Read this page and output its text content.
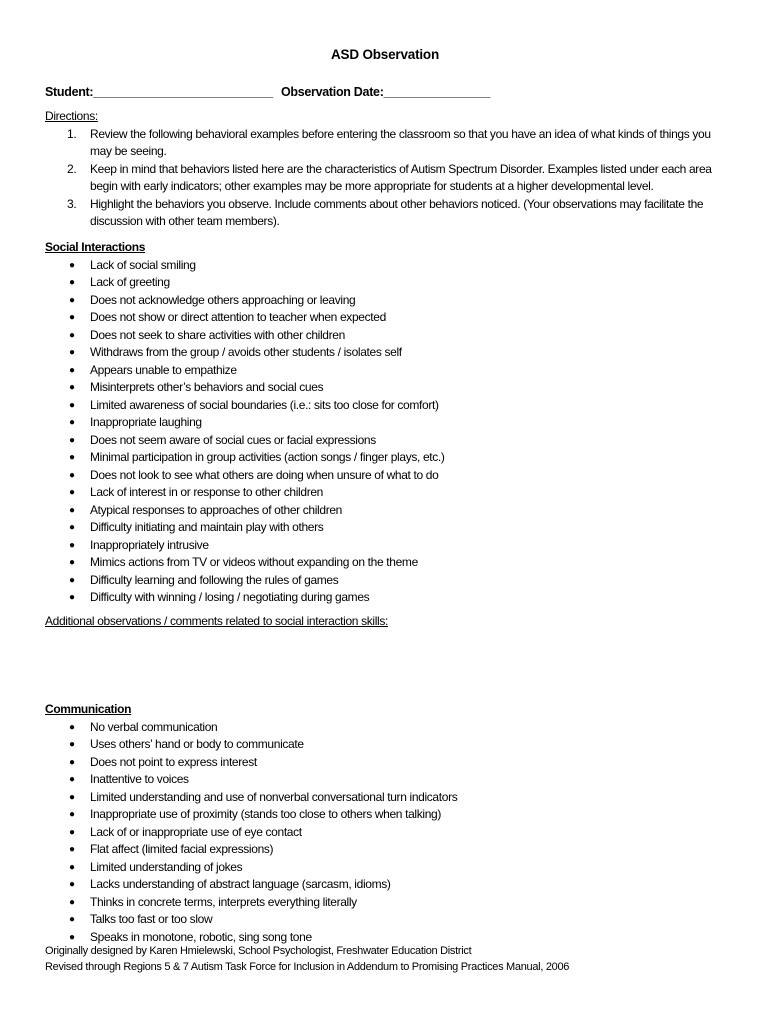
ASD Observation
Student:___________________________ Observation Date:________________
Directions:
1. Review the following behavioral examples before entering the classroom so that you have an idea of what kinds of things you may be seeing.
2. Keep in mind that behaviors listed here are the characteristics of Autism Spectrum Disorder. Examples listed under each area begin with early indicators; other examples may be more appropriate for students at a higher developmental level.
3. Highlight the behaviors you observe. Include comments about other behaviors noticed. (Your observations may facilitate the discussion with other team members).
Social Interactions
● Lack of social smiling
● Lack of greeting
● Does not acknowledge others approaching or leaving
● Does not show or direct attention to teacher when expected
● Does not seek to share activities with other children
● Withdraws from the group / avoids other students / isolates self
● Appears unable to empathize
● Misinterprets other’s behaviors and social cues
● Limited awareness of social boundaries (i.e.: sits too close for comfort)
● Inappropriate laughing
● Does not seem aware of social cues or facial expressions
● Minimal participation in group activities (action songs / finger plays, etc.)
● Does not look to see what others are doing when unsure of what to do
● Lack of interest in or response to other children
● Atypical responses to approaches of other children
● Difficulty initiating and maintain play with others
● Inappropriately intrusive
● Mimics actions from TV or videos without expanding on the theme
● Difficulty learning and following the rules of games
● Difficulty with winning / losing / negotiating during games
Additional observations / comments related to social interaction skills:
Communication
● No verbal communication
● Uses others’ hand or body to communicate
● Does not point to express interest
● Inattentive to voices
● Limited understanding and use of nonverbal conversational turn indicators
● Inappropriate use of proximity (stands too close to others when talking)
● Lack of or inappropriate use of eye contact
● Flat affect (limited facial expressions)
● Limited understanding of jokes
● Lacks understanding of abstract language (sarcasm, idioms)
● Thinks in concrete terms, interprets everything literally
● Talks too fast or too slow
● Speaks in monotone, robotic, sing song tone
Originally designed by Karen Hmielewski, School Psychologist, Freshwater Education District
Revised through Regions 5 & 7 Autism Task Force for Inclusion in Addendum to Promising Practices Manual, 2006
